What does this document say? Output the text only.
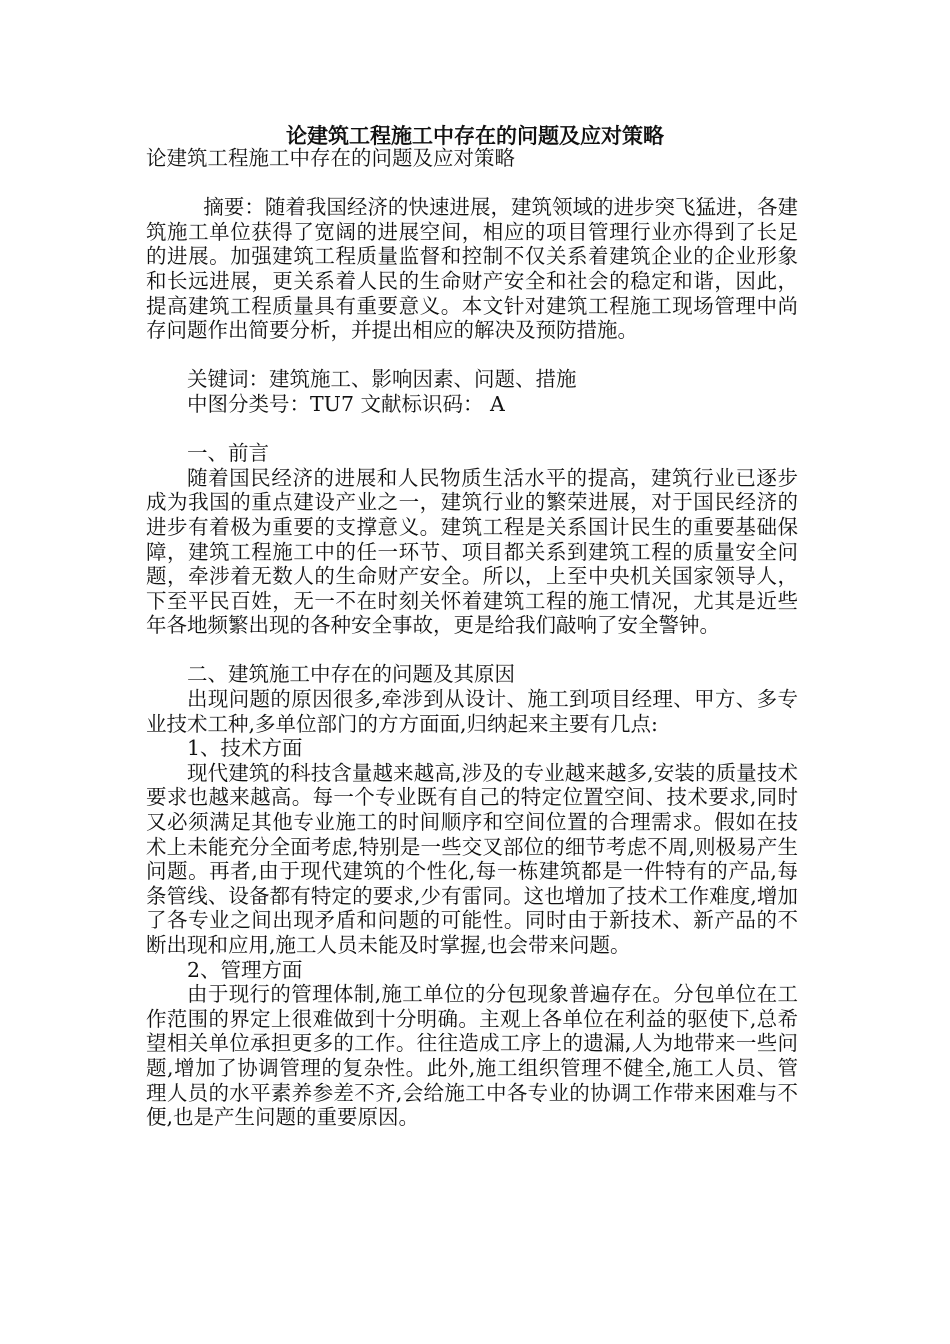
论建筑工程施工中存在的问题及应对策略

论建筑工程施工中存在的问题及应对策略

摘要：随着我国经济的快速进展，建筑领域的进步突飞猛进，各建筑施工单位获得了宽阔的进展空间，相应的项目管理行业亦得到了长足的进展。加强建筑工程质量监督和控制不仅关系着建筑企业的企业形象和长远进展，更关系着人民的生命财产安全和社会的稳定和谐，因此，提高建筑工程质量具有重要意义。本文针对建筑工程施工现场管理中尚存问题作出简要分析，并提出相应的解决及预防措施。

关键词：建筑施工、影响因素、问题、措施

中图分类号：TU7 文献标识码： A

一、前言

随着国民经济的进展和人民物质生活水平的提高，建筑行业已逐步成为我国的重点建设产业之一，建筑行业的繁荣进展，对于国民经济的进步有着极为重要的支撑意义。建筑工程是关系国计民生的重要基础保障，建筑工程施工中的任一环节、项目都关系到建筑工程的质量安全问题，牵涉着无数人的生命财产安全。所以，上至中央机关国家领导人，下至平民百姓，无一不在时刻关怀着建筑工程的施工情况，尤其是近些年各地频繁出现的各种安全事故，更是给我们敲响了安全警钟。

二、建筑施工中存在的问题及其原因

出现问题的原因很多,牵涉到从设计、施工到项目经理、甲方、多专业技术工种,多单位部门的方方面面,归纳起来主要有几点:

1、技术方面

现代建筑的科技含量越来越高,涉及的专业越来越多,安装的质量技术要求也越来越高。每一个专业既有自己的特定位置空间、技术要求,同时又必须满足其他专业施工的时间顺序和空间位置的合理需求。假如在技术上未能充分全面考虑,特别是一些交叉部位的细节考虑不周,则极易产生问题。再者,由于现代建筑的个性化,每一栋建筑都是一件特有的产品,每条管线、设备都有特定的要求,少有雷同。这也增加了技术工作难度,增加了各专业之间出现矛盾和问题的可能性。同时由于新技术、新产品的不断出现和应用,施工人员未能及时掌握,也会带来问题。

2、管理方面

由于现行的管理体制,施工单位的分包现象普遍存在。分包单位在工作范围的界定上很难做到十分明确。主观上各单位在利益的驱使下,总希望相关单位承担更多的工作。往往造成工序上的遗漏,人为地带来一些问题,增加了协调管理的复杂性。此外,施工组织管理不健全,施工人员、管理人员的水平素养参差不齐,会给施工中各专业的协调工作带来困难与不便,也是产生问题的重要原因。
